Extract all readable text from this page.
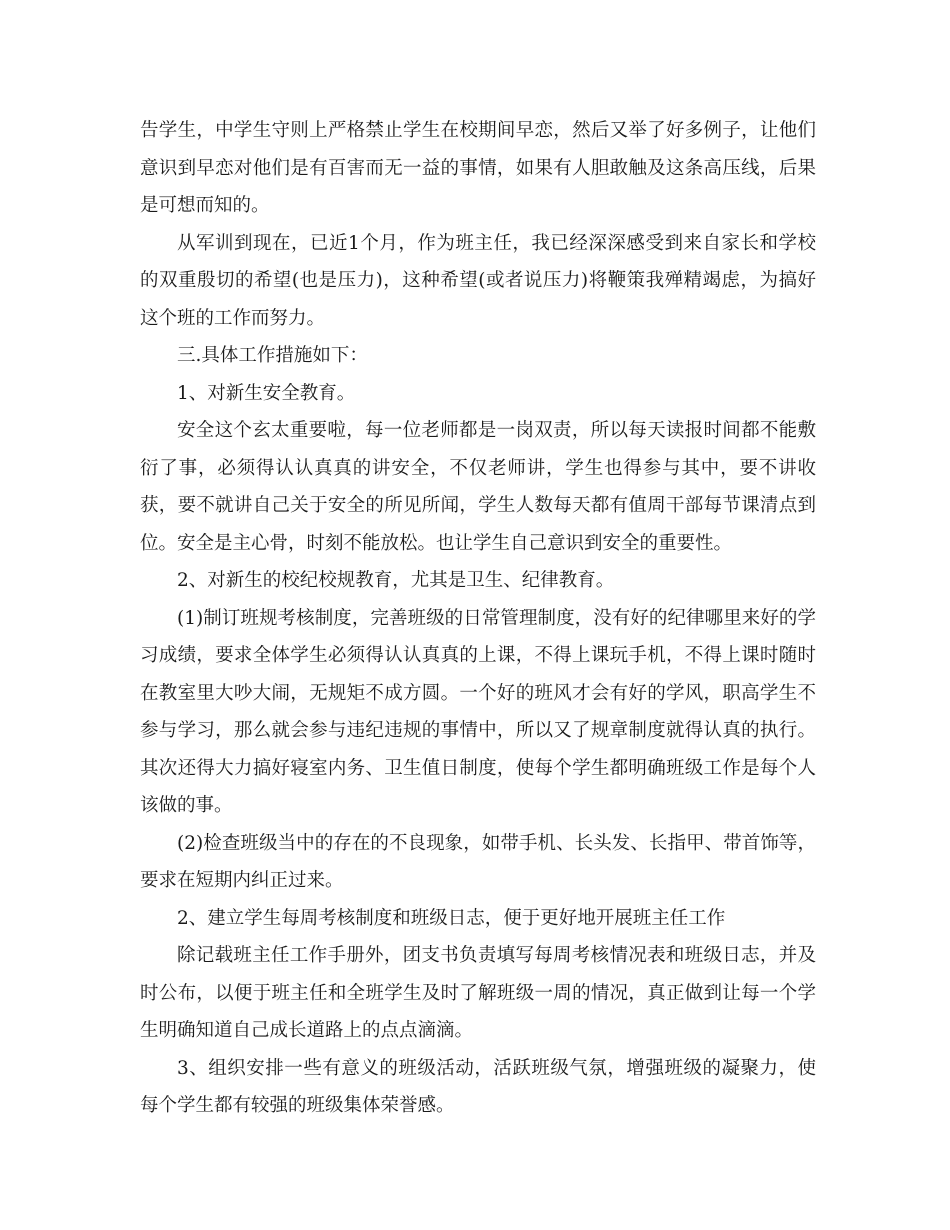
告学生，中学生守则上严格禁止学生在校期间早恋，然后又举了好多例子，让他们意识到早恋对他们是有百害而无一益的事情，如果有人胆敢触及这条高压线，后果是可想而知的。

从军训到现在，已近1个月，作为班主任，我已经深深感受到来自家长和学校的双重殷切的希望(也是压力)，这种希望(或者说压力)将鞭策我殚精竭虑，为搞好这个班的工作而努力。

三.具体工作措施如下：

1、对新生安全教育。

安全这个玄太重要啦，每一位老师都是一岗双责，所以每天读报时间都不能敷衍了事，必须得认认真真的讲安全，不仅老师讲，学生也得参与其中，要不讲收获，要不就讲自己关于安全的所见所闻，学生人数每天都有值周干部每节课清点到位。安全是主心骨，时刻不能放松。也让学生自己意识到安全的重要性。

2、对新生的校纪校规教育，尤其是卫生、纪律教育。

(1)制订班规考核制度，完善班级的日常管理制度，没有好的纪律哪里来好的学习成绩，要求全体学生必须得认认真真的上课，不得上课玩手机，不得上课时随时在教室里大吵大闹，无规矩不成方圆。一个好的班风才会有好的学风，职高学生不参与学习，那么就会参与违纪违规的事情中，所以又了规章制度就得认真的执行。其次还得大力搞好寝室内务、卫生值日制度，使每个学生都明确班级工作是每个人该做的事。

(2)检查班级当中的存在的不良现象，如带手机、长头发、长指甲、带首饰等，要求在短期内纠正过来。

2、建立学生每周考核制度和班级日志，便于更好地开展班主任工作

除记载班主任工作手册外，团支书负责填写每周考核情况表和班级日志，并及时公布，以便于班主任和全班学生及时了解班级一周的情况，真正做到让每一个学生明确知道自己成长道路上的点点滴滴。

3、组织安排一些有意义的班级活动，活跃班级气氛，增强班级的凝聚力，使每个学生都有较强的班级集体荣誉感。
